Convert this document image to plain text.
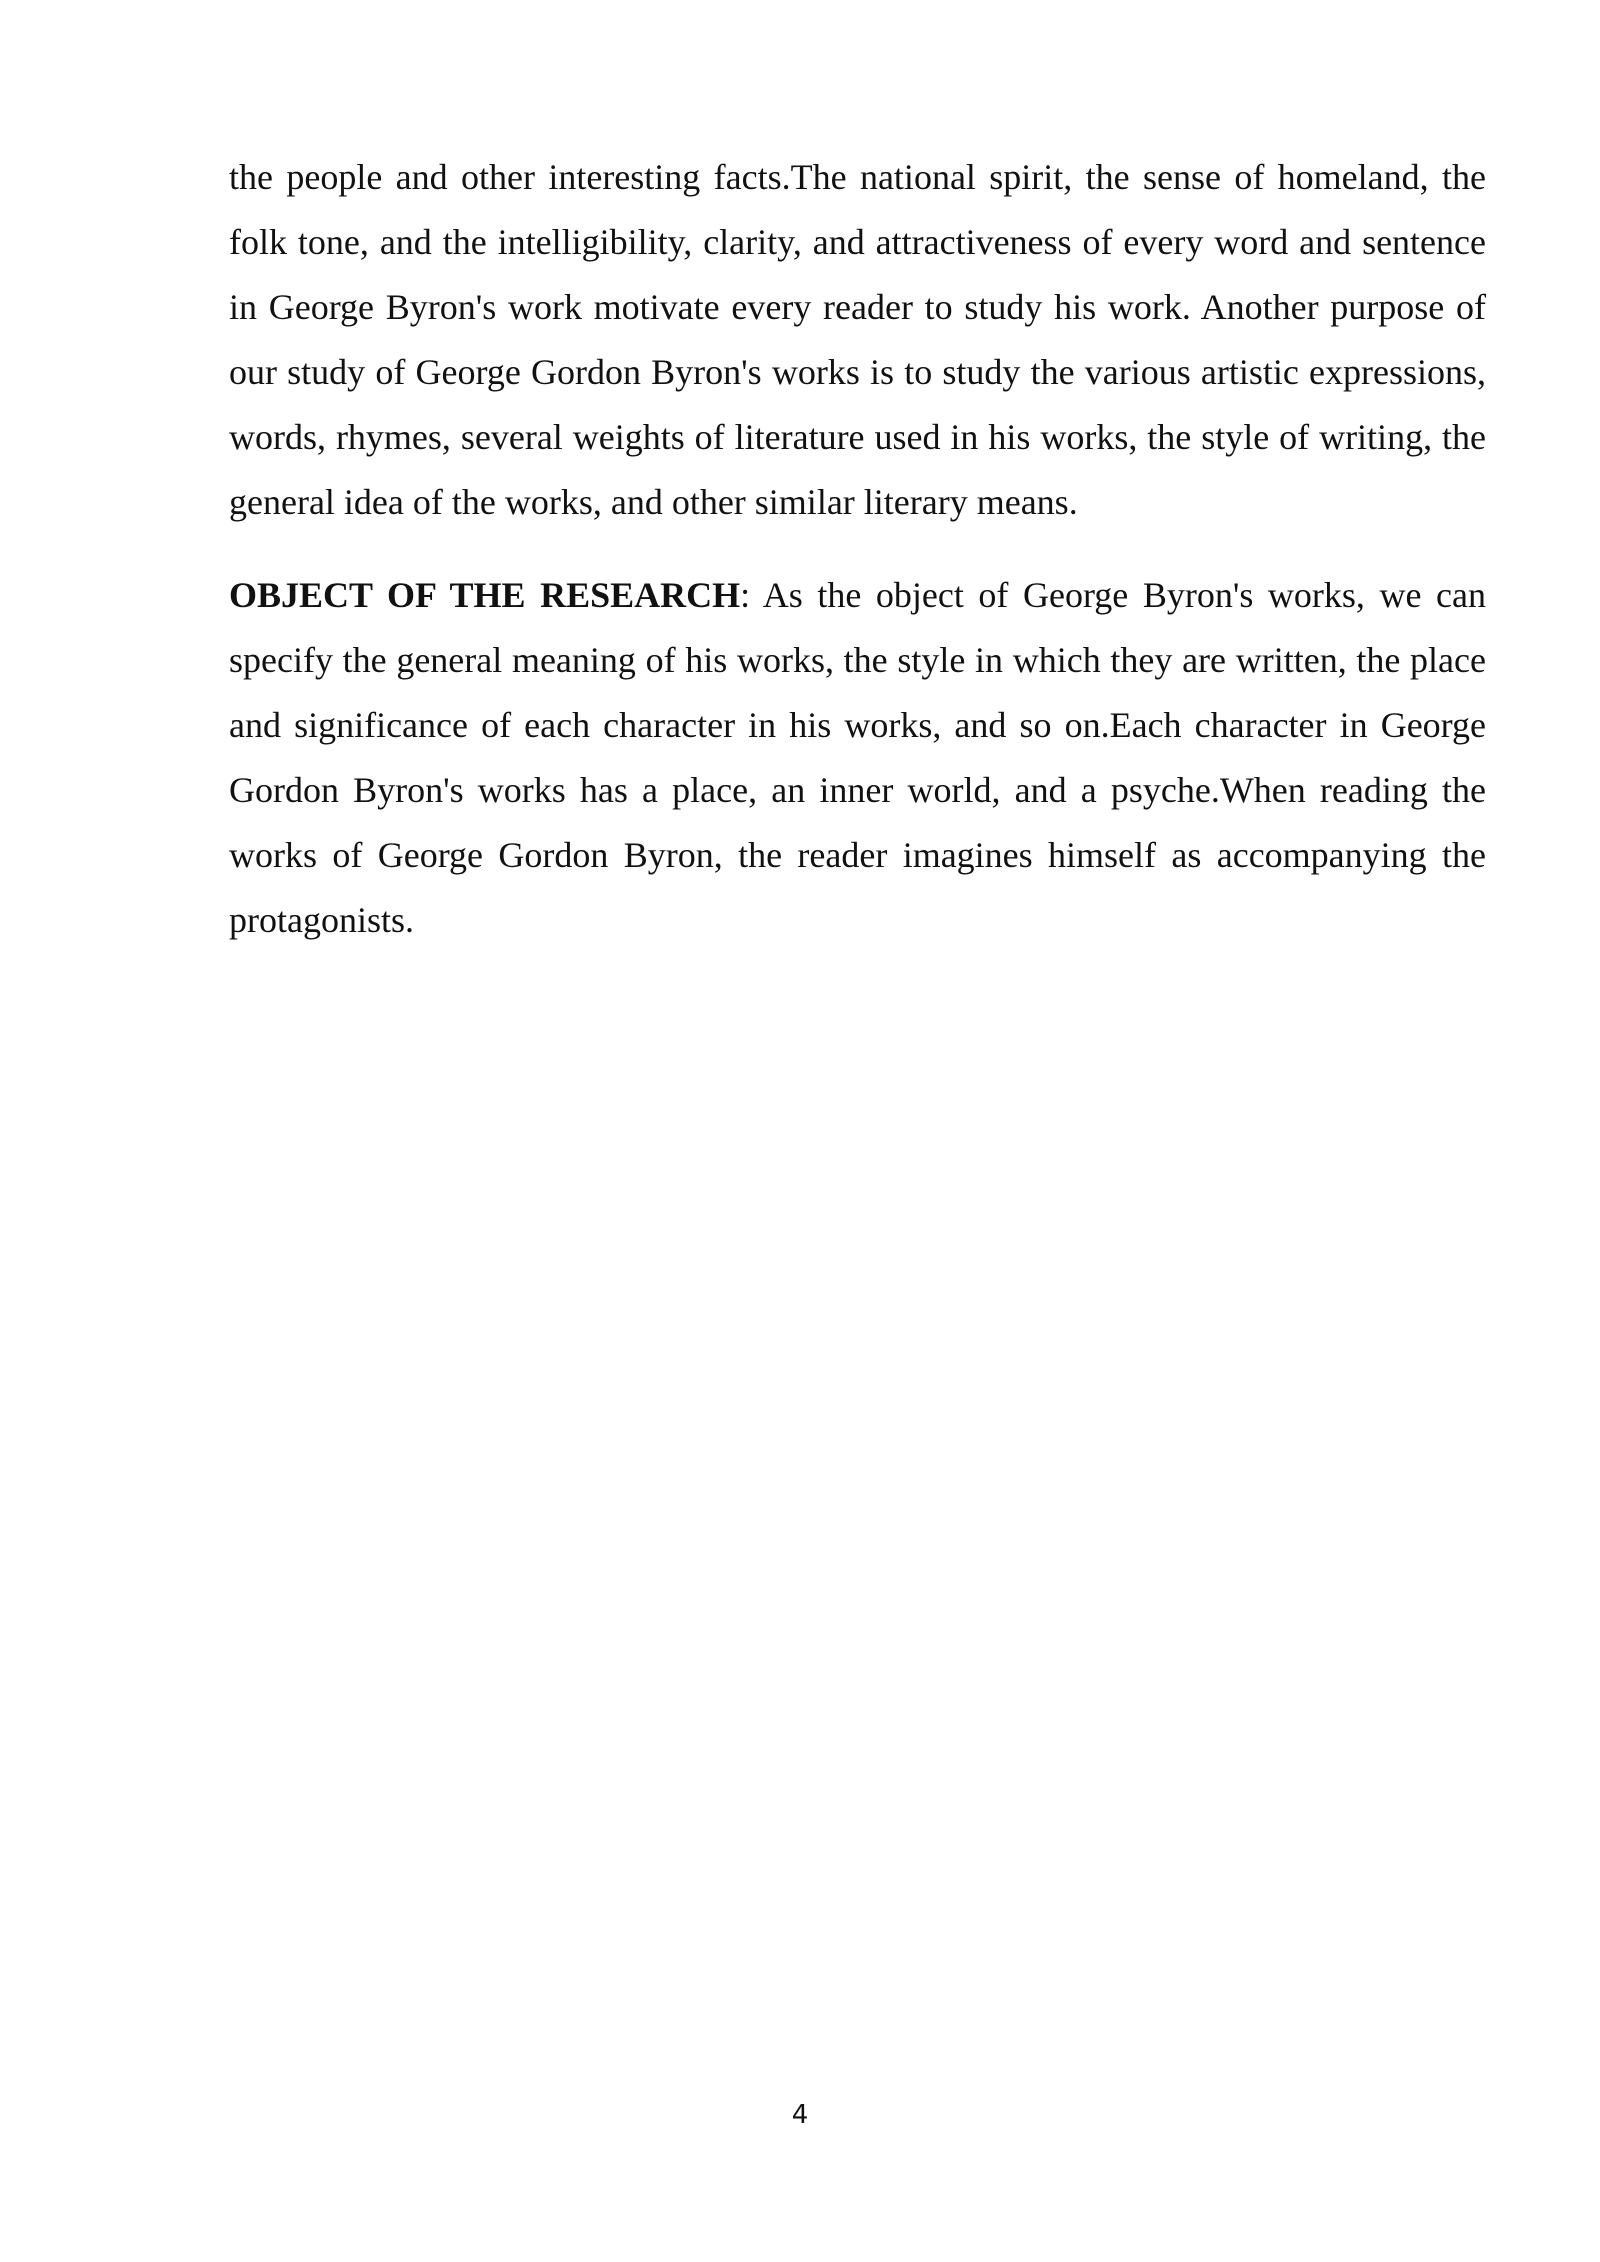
the people and other interesting facts.The national spirit, the sense of homeland, the folk tone, and the intelligibility, clarity, and attractiveness of every word and sentence in George Byron's work motivate every reader to study his work. Another purpose of our study of George Gordon Byron's works is to study the various artistic expressions, words, rhymes, several weights of literature used in his works, the style of writing, the general idea of the works, and other similar literary means.

OBJECT OF THE RESEARCH: As the object of George Byron's works, we can specify the general meaning of his works, the style in which they are written, the place and significance of each character in his works, and so on.Each character in George Gordon Byron's works has a place, an inner world, and a psyche.When reading the works of George Gordon Byron, the reader imagines himself as accompanying the protagonists.

4
